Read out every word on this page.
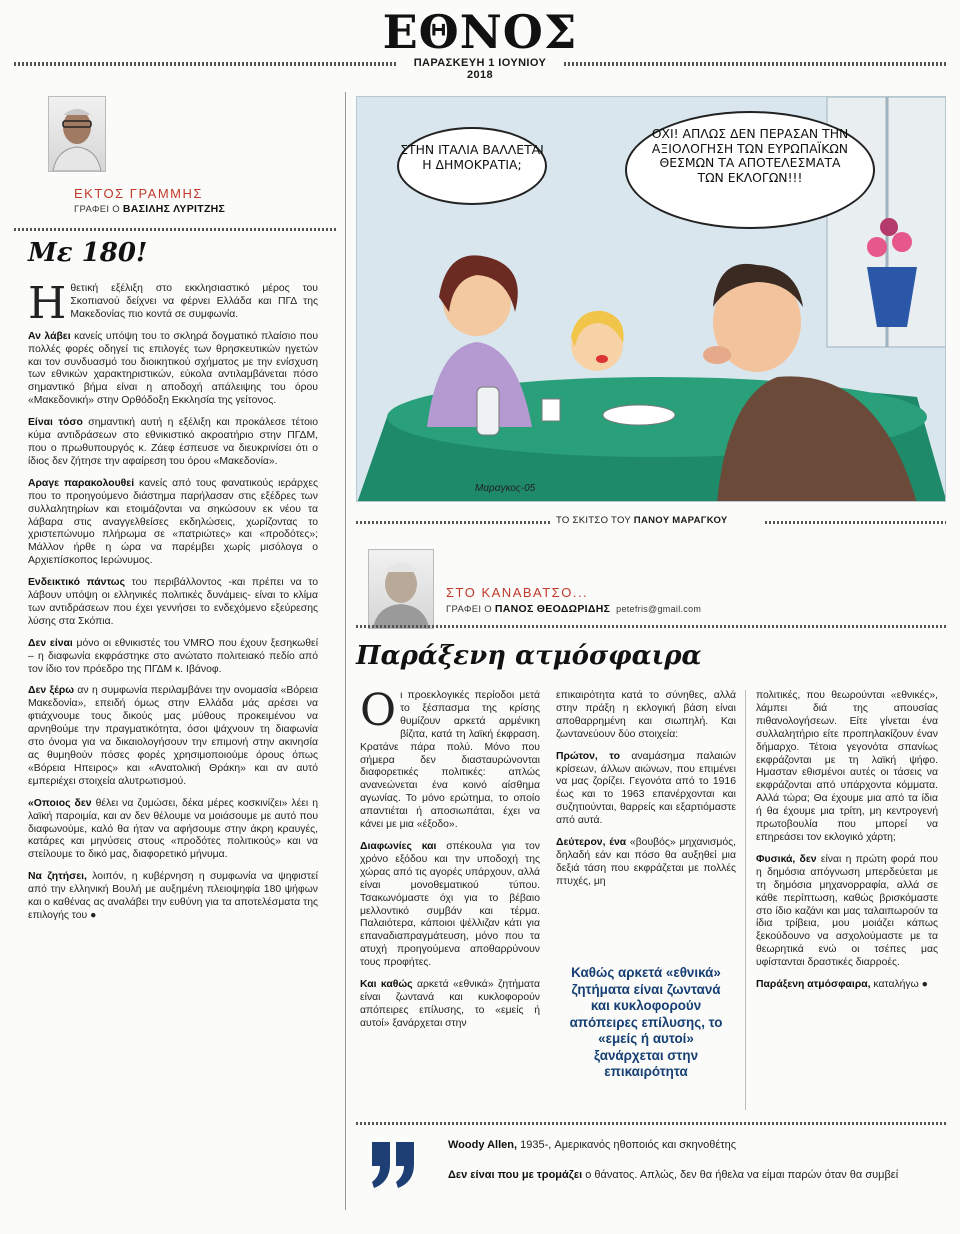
ΕΘΝΟΣ
ΠΑΡΑΣΚΕΥΗ 1 ΙΟΥΝΙΟΥ 2018
ΕΚΤΟΣ ΓΡΑΜΜΗΣ
ΓΡΑΦΕΙ Ο ΒΑΣΙΛΗΣ ΛΥΡΙΤΖΗΣ
Με 180!

Ηθετική εξέλιξη στο εκκλησιαστικό μέρος του Σκοπιανού δείχνει να φέρνει Ελλάδα και ΠΓΔ της Μακεδονίας πιο κοντά σε συμφωνία.

Αν λάβει κανείς υπόψη του το σκληρά δογματικό πλαίσιο που πολλές φορές οδηγεί τις επιλογές των θρησκευτικών ηγετών και τον συνδυασμό του διοικητικού σχήματος με την ενίσχυση των εθνικών χαρακτηριστικών, εύκολα αντιλαμβάνεται πόσο σημαντικό βήμα είναι η αποδοχή απάλειψης του όρου «Μακεδονική» στην Ορθόδοξη Εκκλησία της γείτονος.

Είναι τόσο σημαντική αυτή η εξέλιξη και προκάλεσε τέτοιο κύμα αντιδράσεων στο εθνικιστικό ακροατήριο στην ΠΓΔΜ, που ο πρωθυπουργός κ. Ζάεφ έσπευσε να διευκρινίσει ότι ο ίδιος δεν ζήτησε την αφαίρεση του όρου «Μακεδονία».

Αραγε παρακολουθεί κανείς από τους φανατικούς ιεράρχες που το προηγούμενο διάστημα παρήλασαν στις εξέδρες των συλλαλητηρίων και ετοιμάζονται να σηκώσουν εκ νέου τα λάβαρα στις αναγγελθείσες εκδηλώσεις, χωρίζοντας το χριστεπώνυμο πλήρωμα σε «πατριώτες» και «προδότες»; Μάλλον ήρθε η ώρα να παρέμβει χωρίς μισόλογα ο Αρχιεπίσκοπος Ιερώνυμος.

Ενδεικτικό πάντως του περιβάλλοντος -και πρέπει να το λάβουν υπόψη οι ελληνικές πολιτικές δυνάμεις- είναι το κλίμα των αντιδράσεων που έχει γεννήσει το ενδεχόμενο εξεύρεσης λύσης στα Σκόπια.

Δεν είναι μόνο οι εθνικιστές του VMRO που έχουν ξεσηκωθεί – η διαφωνία εκφράστηκε στο ανώτατο πολιτειακό πεδίο από τον ίδιο τον πρόεδρο της ΠΓΔΜ κ. Ιβάνοφ.

Δεν ξέρω αν η συμφωνία περιλαμβάνει την ονομασία «Βόρεια Μακεδονία», επειδή όμως στην Ελλάδα μάς αρέσει να φτιάχνουμε τους δικούς μας μύθους προκειμένου να αρνηθούμε την πραγματικότητα, όσοι ψάχνουν τη διαφωνία στο όνομα για να δικαιολογήσουν την επιμονή στην ακινησία ας θυμηθούν πόσες φορές χρησιμοποιούμε όρους όπως «Βόρεια Ηπειρος» και «Ανατολική Θράκη» και αν αυτό εμπεριέχει στοιχεία αλυτρωτισμού.

«Οποιος δεν θέλει να ζυμώσει, δέκα μέρες κοσκινίζει» λέει η λαϊκή παροιμία, και αν δεν θέλουμε να μοιάσουμε με αυτό που διαφωνούμε, καλό θα ήταν να αφήσουμε στην άκρη κραυγές, κατάρες και μηνύσεις στους «προδότες πολιτικούς» και να στείλουμε το δικό μας, διαφορετικό μήνυμα.

Να ζητήσει, λοιπόν, η κυβέρνηση η συμφωνία να ψηφιστεί από την ελληνική Βουλή με αυξημένη πλειοψηφία 180 ψήφων και ο καθένας ας αναλάβει την ευθύνη για τα αποτελέσματα της επιλογής του ●

ΣΤΗΝ ΙΤΑΛΙΑ ΒΑΛΛΕΤΑΙ Η ΔΗΜΟΚΡΑΤΙΑ;
ΟΧΙ! ΑΠΛΩΣ ΔΕΝ ΠΕΡΑΣΑΝ ΤΗΝ ΑΞΙΟΛΟΓΗΣΗ ΤΩΝ ΕΥΡΩΠΑΪΚΩΝ ΘΕΣΜΩΝ ΤΑ ΑΠΟΤΕΛΕΣΜΑΤΑ ΤΩΝ ΕΚΛΟΓΩΝ!!!
Μαραγκος-05
ΤΟ ΣΚΙΤΣΟ ΤΟΥ ΠΑΝΟΥ ΜΑΡΑΓΚΟΥ
ΣΤΟ ΚΑΝΑΒΑΤΣΟ...
ΓΡΑΦΕΙ Ο ΠΑΝΟΣ ΘΕΟΔΩΡΙΔΗΣ petefris@gmail.com
Παράξενη ατμόσφαιρα

Οι προεκλογικές περίοδοι μετά το ξέσπασμα της κρίσης θυμίζουν αρκετά αρμένικη βίζιτα, κατά τη λαϊκή έκφραση. Κρατάνε πάρα πολύ. Μόνο που σήμερα δεν διασταυρώνονται διαφορετικές πολιτικές: απλώς ανανεώνεται ένα κοινό αίσθημα αγωνίας. Το μόνο ερώτημα, το οποίο απαντιέται ή αποσιωπάται, έχει να κάνει με μια «έξοδο».

Διαφωνίες και σπέκουλα για τον χρόνο εξόδου και την υποδοχή της χώρας από τις αγορές υπάρχουν, αλλά είναι μονοθεματικού τύπου. Τσακωνόμαστε όχι για το βέβαιο μελλοντικό συμβάν και τέρμα. Παλαιότερα, κάποιοι ψέλλιζαν κάτι για επαναδιαπραγμάτευση, μόνο που τα ατυχή προηγούμενα αποθαρρύνουν τους προφήτες.

Και καθώς αρκετά «εθνικά» ζητήματα είναι ζωντανά και κυκλοφορούν απόπειρες επίλυσης, το «εμείς ή αυτοί» ξανάρχεται στην

επικαιρότητα κατά το σύνηθες, αλλά στην πράξη η εκλογική βάση είναι αποθαρρημένη και σιωπηλή. Και ζωντανεύουν δύο στοιχεία:

Πρώτον, το αναμάσημα παλαιών κρίσεων, άλλων αιώνων, που επιμένει να μας ζορίζει. Γεγονότα από το 1916 έως και το 1963 επανέρχονται και συζητιούνται, θαρρείς και εξαρτιόμαστε από αυτά.

Δεύτερον, ένα «βουβός» μηχανισμός, δηλαδή εάν και πόσο θα αυξηθεί μια δεξιά τάση που εκφράζεται με πολλές πτυχές, μη

Καθώς αρκετά «εθνικά» ζητήματα είναι ζωντανά και κυκλοφορούν απόπειρες επίλυσης, το «εμείς ή αυτοί» ξανάρχεται στην επικαιρότητα

πολιτικές, που θεωρούνται «εθνικές», λάμπει διά της απουσίας πιθανολογήσεων. Είτε γίνεται ένα συλλαλητήριο είτε προπηλακίζουν έναν δήμαρχο. Τέτοια γεγονότα σπανίως εκφράζονται με τη λαϊκή ψήφο. Ημασταν εθισμένοι αυτές οι τάσεις να εκφράζονται από υπάρχοντα κόμματα. Αλλά τώρα; Θα έχουμε μια από τα ίδια ή θα έχουμε μια τρίτη, μη κεντρογενή πρωτοβουλία που μπορεί να επηρεάσει τον εκλογικό χάρτη;

Φυσικά, δεν είναι η πρώτη φορά που η δημόσια απόγνωση μπερδεύεται με τη δημόσια μηχανορραφία, αλλά σε κάθε περίπτωση, καθώς βρισκόμαστε στο ίδιο καζάνι και μας ταλαιπωρούν τα ίδια τρίβεια, μου μοιάζει κάπως ξεκούδουνο να ασχολούμαστε με τα θεωρητικά ενώ οι τσέπες μας υφίστανται δραστικές διαρροές.

Παράξενη ατμόσφαιρα, καταλήγω ●

Woody Allen, 1935-, Αμερικανός ηθοποιός και σκηνοθέτης
Δεν είναι που με τρομάζει ο θάνατος. Απλώς, δεν θα ήθελα να είμαι παρών όταν θα συμβεί
